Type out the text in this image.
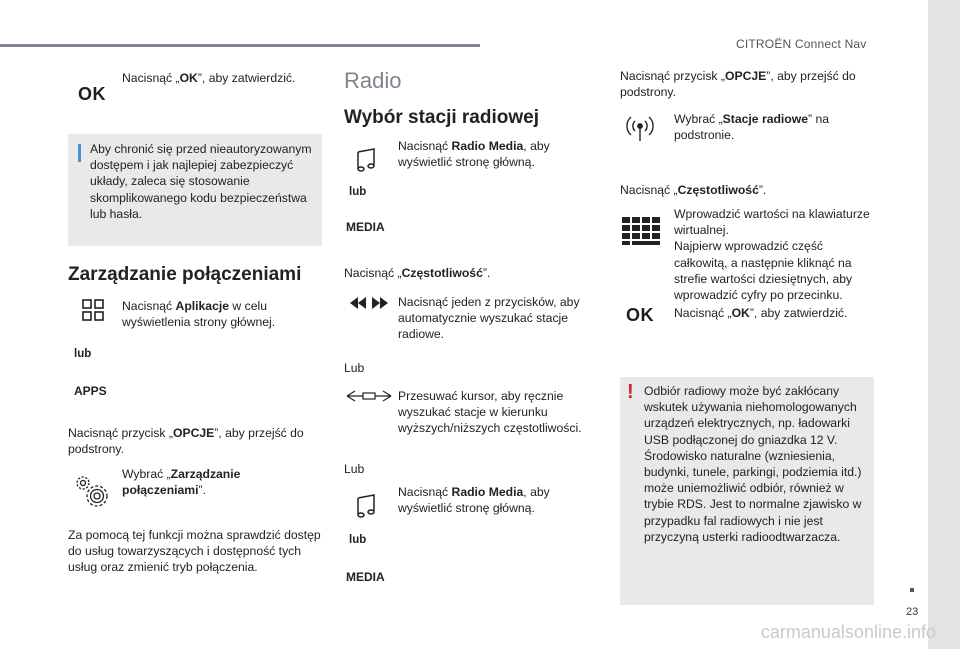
CITROËN Connect Nav
23
OK
Nacisnąć „OK”, aby zatwierdzić.
Aby chronić się przed nieautoryzowanym dostępem i jak najlepiej zabezpieczyć układy, zaleca się stosowanie skomplikowanego kodu bezpieczeństwa lub hasła.
Zarządzanie połączeniami
Nacisnąć Aplikacje w celu wyświetlenia strony głównej.
lub
APPS
Nacisnąć przycisk „OPCJE”, aby przejść do podstrony.
Wybrać „Zarządzanie połączeniami”.
Za pomocą tej funkcji można sprawdzić dostęp do usług towarzyszących i dostępność tych usług oraz zmienić tryb połączenia.
Radio
Wybór stacji radiowej
Nacisnąć Radio Media, aby wyświetlić stronę główną.
lub
MEDIA
Nacisnąć „Częstotliwość”.
Nacisnąć jeden z przycisków, aby automatycznie wyszukać stacje radiowe.
Lub
Przesuwać kursor, aby ręcznie wyszukać stacje w kierunku wyższych/niższych częstotliwości.
Lub
Nacisnąć Radio Media, aby wyświetlić stronę główną.
lub
MEDIA
Nacisnąć przycisk „OPCJE”, aby przejść do podstrony.
Wybrać „Stacje radiowe” na podstronie.
Nacisnąć „Częstotliwość”.
Wprowadzić wartości na klawiaturze wirtualnej.
Najpierw wprowadzić część całkowitą, a następnie kliknąć na strefie wartości dziesiętnych, aby wprowadzić cyfry po przecinku.
OK Nacisnąć „OK”, aby zatwierdzić.
! Odbiór radiowy może być zakłócany wskutek używania niehomologowanych urządzeń elektrycznych, np. ładowarki USB podłączonej do gniazdka 12 V. Środowisko naturalne (wzniesienia, budynki, tunele, parkingi, podziemia itd.) może uniemożliwić odbiór, również w trybie RDS. Jest to normalne zjawisko w przypadku fal radiowych i nie jest przyczyną usterki radioodtwarzacza.
carmanualsonline.info
